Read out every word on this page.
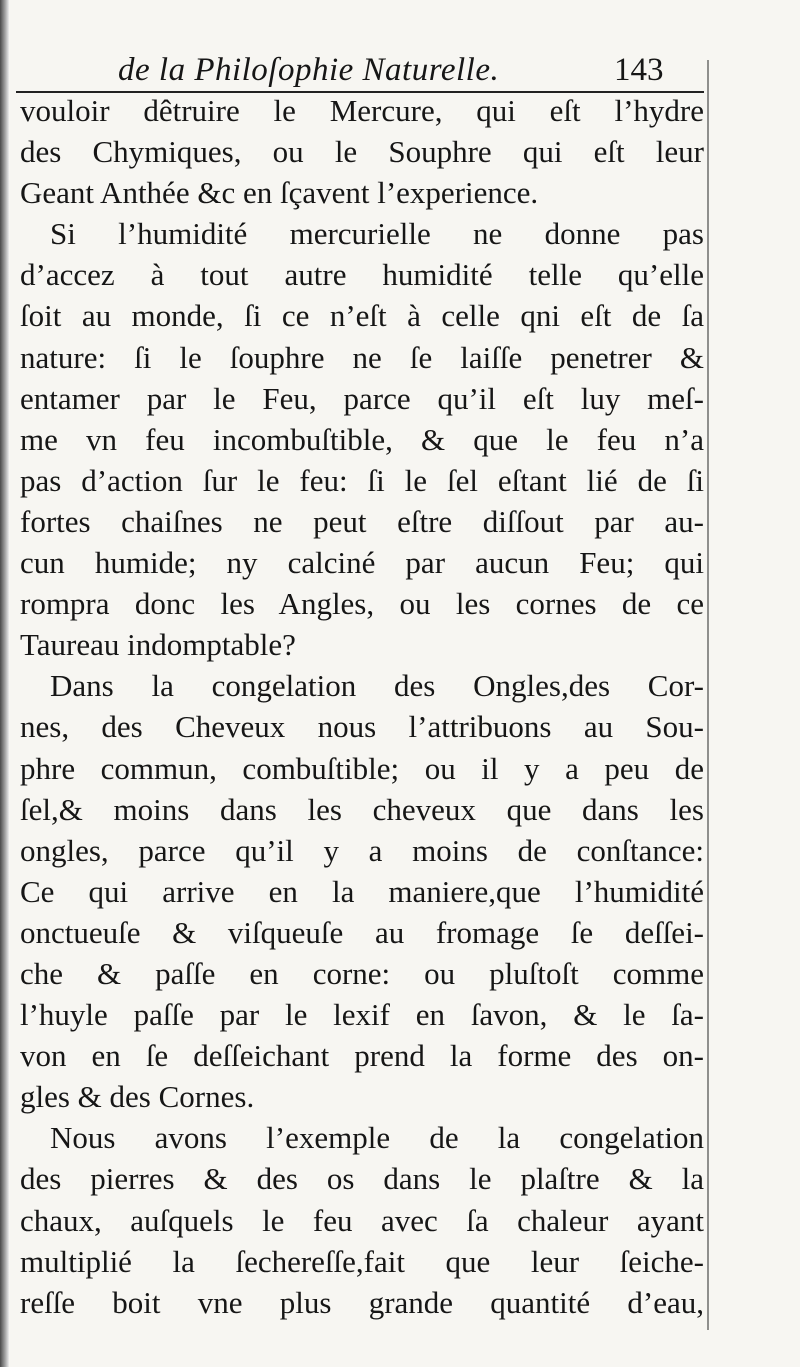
de la Philoſophie Naturelle.	143
vouloir dêtruire le Mercure, qui eſt l’hydre
des Chymiques, ou le Souphre qui eſt leur
Geant Anthée &c en ſçavent l’experience.
Si l’humidité mercurielle ne donne pas
d’accez à tout autre humidité telle qu’elle
ſoit au monde, ſi ce n’eſt à celle qni eſt de ſa
nature: ſi le ſouphre ne ſe laiſſe penetrer &
entamer par le Feu, parce qu’il eſt luy meſ-
me vn feu incombuſtible, & que le feu n’a
pas d’action ſur le feu: ſi le ſel eſtant lié de ſi
fortes chaiſnes ne peut eſtre diſſout par au-
cun humide; ny calciné par aucun Feu; qui
rompra donc les Angles, ou les cornes de ce
Taureau indomptable?
Dans la congelation des Ongles,des Cor-
nes, des Cheveux nous l’attribuons au Sou-
phre commun, combuſtible; ou il y a peu de
ſel,& moins dans les cheveux que dans les
ongles, parce qu’il y a moins de conſtance:
Ce qui arrive en la maniere,que l’humidité
onctueuſe & viſqueuſe au fromage ſe deſſei-
che & paſſe en corne: ou pluſtoſt comme
l’huyle paſſe par le lexif en ſavon, & le ſa-
von en ſe deſſeichant prend la forme des on-
gles & des Cornes.
Nous avons l’exemple de la congelation
des pierres & des os dans le plaſtre & la
chaux, auſquels le feu avec ſa chaleur ayant
multiplié la ſechereſſe,fait que leur ſeiche-
reſſe boit vne plus grande quantité d’eau,
